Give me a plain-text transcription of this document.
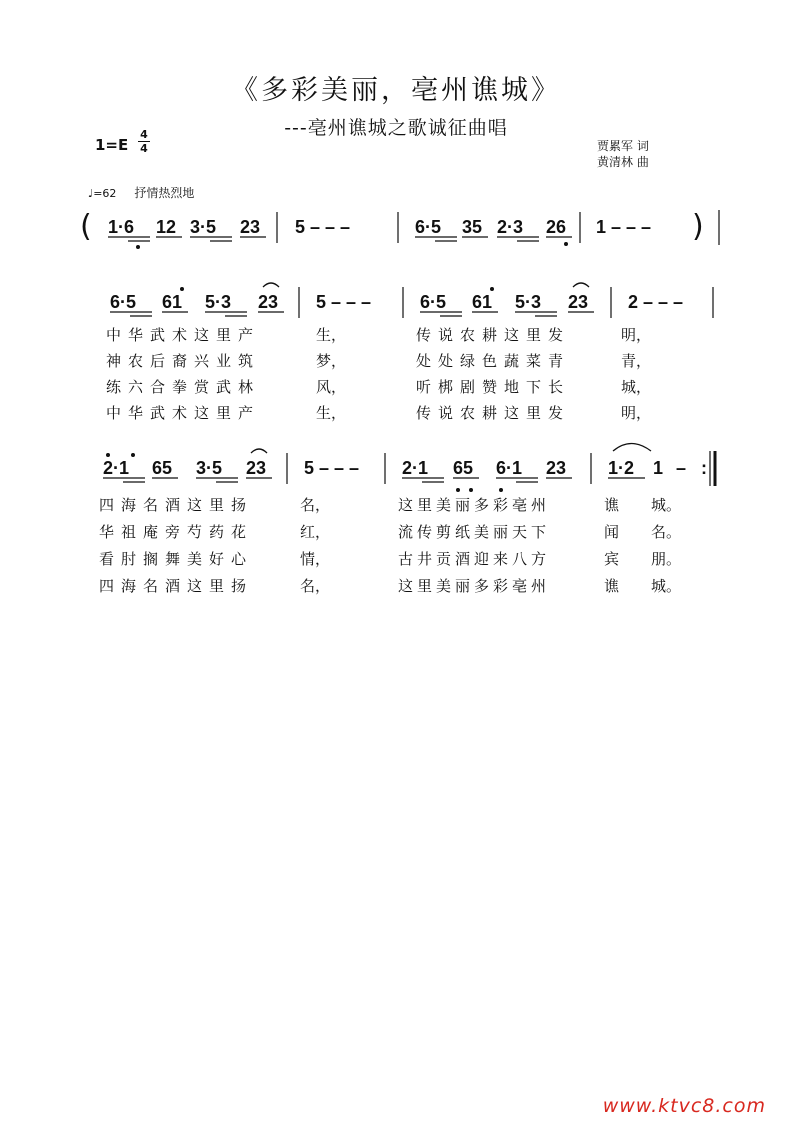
《多彩美丽，亳州谯城》
---亳州谯城之歌诚征曲唱
1=E
4
4	贾累军 词
黄清林 曲
♩=62 抒情热烈地
( 1·6 12 3·5 23 5 – – –	6·5 35 2·3 26 1 – – – )
6·5 61 5·3 23 5 – – –	6·5 61 5·3 23 2 – – –
2·1 65 3·5 23 5 – – – 2·1 65 6·1 23 1·2 1 – :
中华武术这里产	生，	传说农耕这里发	明，
神农后裔兴业筑	梦，	处处绿色蔬菜青	青，
练六合拳赏武林	风，	听梆剧赞地下长	城，
中华武术这里产	生，	传说农耕这里发	明，
四海名酒这里扬	名，	这里美丽多彩亳州	谯 城。
华祖庵旁芍药花	红，	流传剪纸美丽天下	闻 名。
看肘搁舞美好心	情，	古井贡酒迎来八方	宾 朋。
四海名酒这里扬	名，	这里美丽多彩亳州	谯 城。
www.ktvc8.com
